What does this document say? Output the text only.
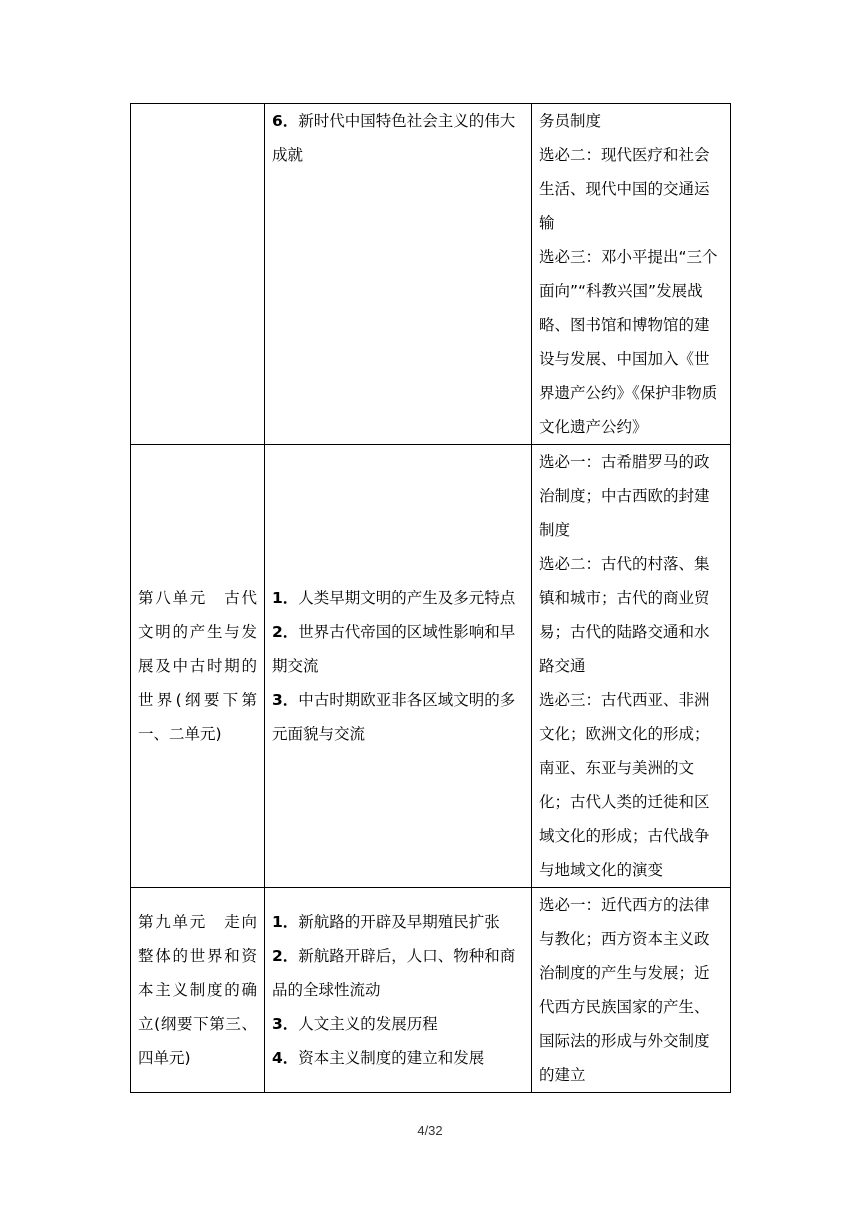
	6．新时代中国特色社会主义的伟大成就	务员制度
选必二：现代医疗和社会生活、现代中国的交通运输
选必三：邓小平提出“三个面向”“科教兴国”发展战略、图书馆和博物馆的建设与发展、中国加入《世界遗产公约》《保护非物质文化遗产公约》

第八单元　古代文明的产生与发展及中古时期的世界(纲要下第一、二单元)	1．人类早期文明的产生及多元特点
2．世界古代帝国的区域性影响和早期交流
3．中古时期欧亚非各区域文明的多元面貌与交流	选必一：古希腊罗马的政治制度；中古西欧的封建制度
选必二：古代的村落、集镇和城市；古代的商业贸易；古代的陆路交通和水路交通
选必三：古代西亚、非洲文化；欧洲文化的形成；南亚、东亚与美洲的文化；古代人类的迁徙和区域文化的形成；古代战争与地域文化的演变

第九单元　走向整体的世界和资本主义制度的确立(纲要下第三、四单元)	1．新航路的开辟及早期殖民扩张
2．新航路开辟后，人口、物种和商品的全球性流动
3．人文主义的发展历程
4．资本主义制度的建立和发展	选必一：近代西方的法律与教化；西方资本主义政治制度的产生与发展；近代西方民族国家的产生、国际法的形成与外交制度的建立
4/32
